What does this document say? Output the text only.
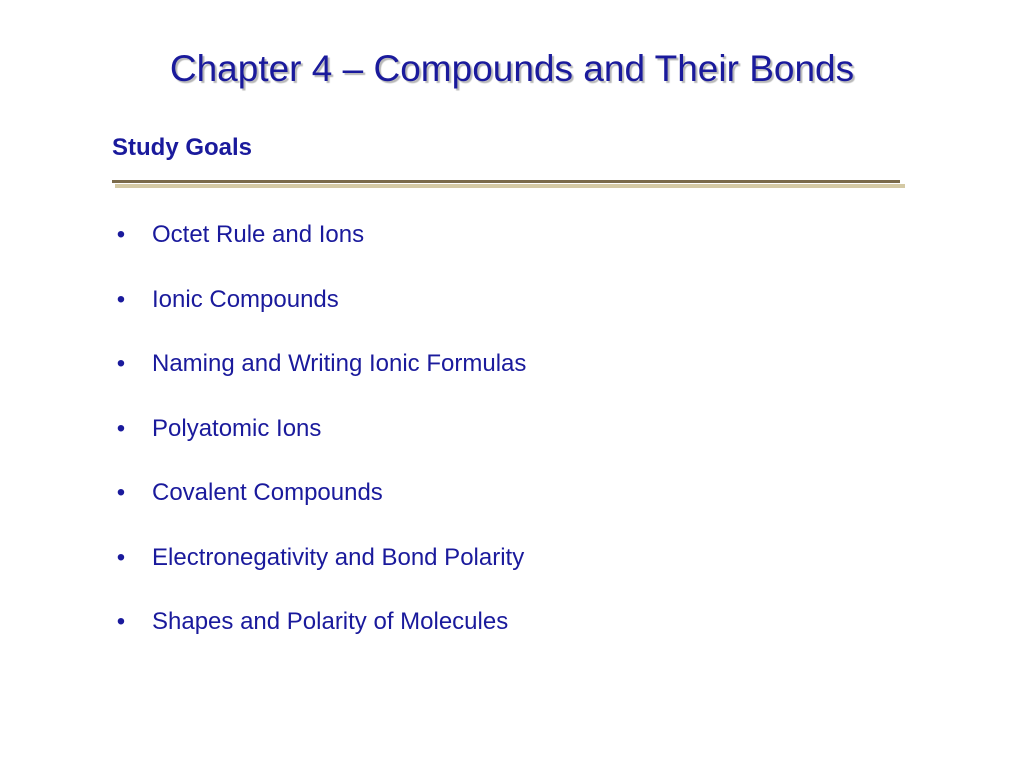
Chapter 4 – Compounds and Their Bonds
Study Goals
• Octet Rule and Ions
• Ionic Compounds
• Naming and Writing Ionic Formulas
• Polyatomic Ions
• Covalent Compounds
• Electronegativity and Bond Polarity
• Shapes and Polarity of Molecules
